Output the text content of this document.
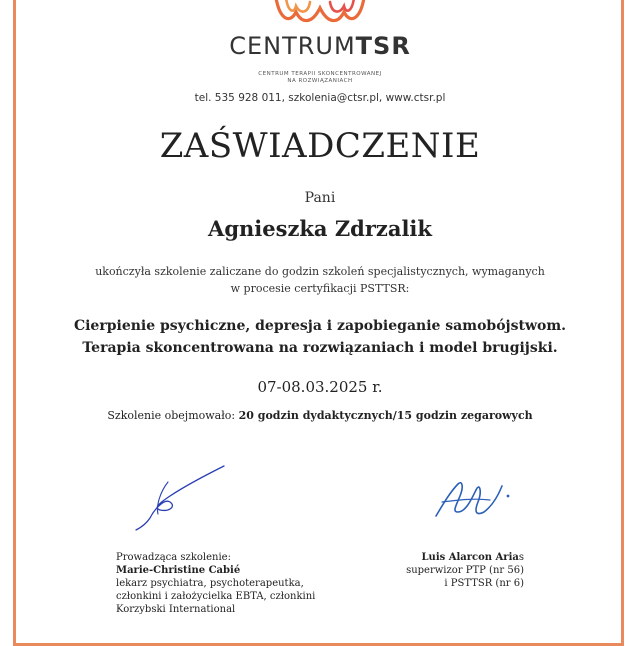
CENTRUMTSR
CENTRUM TERAPII SKONCENTROWANEJ
NA ROZWIĄZANIACH
tel. 535 928 011, szkolenia@ctsr.pl, www.ctsr.pl
ZAŚWIADCZENIE
Pani
Agnieszka Zdrzalik
ukończyła szkolenie zaliczane do godzin szkoleń specjalistycznych, wymaganych
w procesie certyfikacji PSTTSR:
Cierpienie psychiczne, depresja i zapobieganie samobójstwom.
Terapia skoncentrowana na rozwiązaniach i model brugijski.
07-08.03.2025 r.
Szkolenie obejmowało: 20 godzin dydaktycznych/15 godzin zegarowych
Prowadząca szkolenie:
Marie-Christine Cabié
lekarz psychiatra, psychoterapeutka,
członkini i założycielka EBTA, członkini
Korzybski International
Luis Alarcon Arias
superwizor PTP (nr 56)
i PSTTSR (nr 6)
